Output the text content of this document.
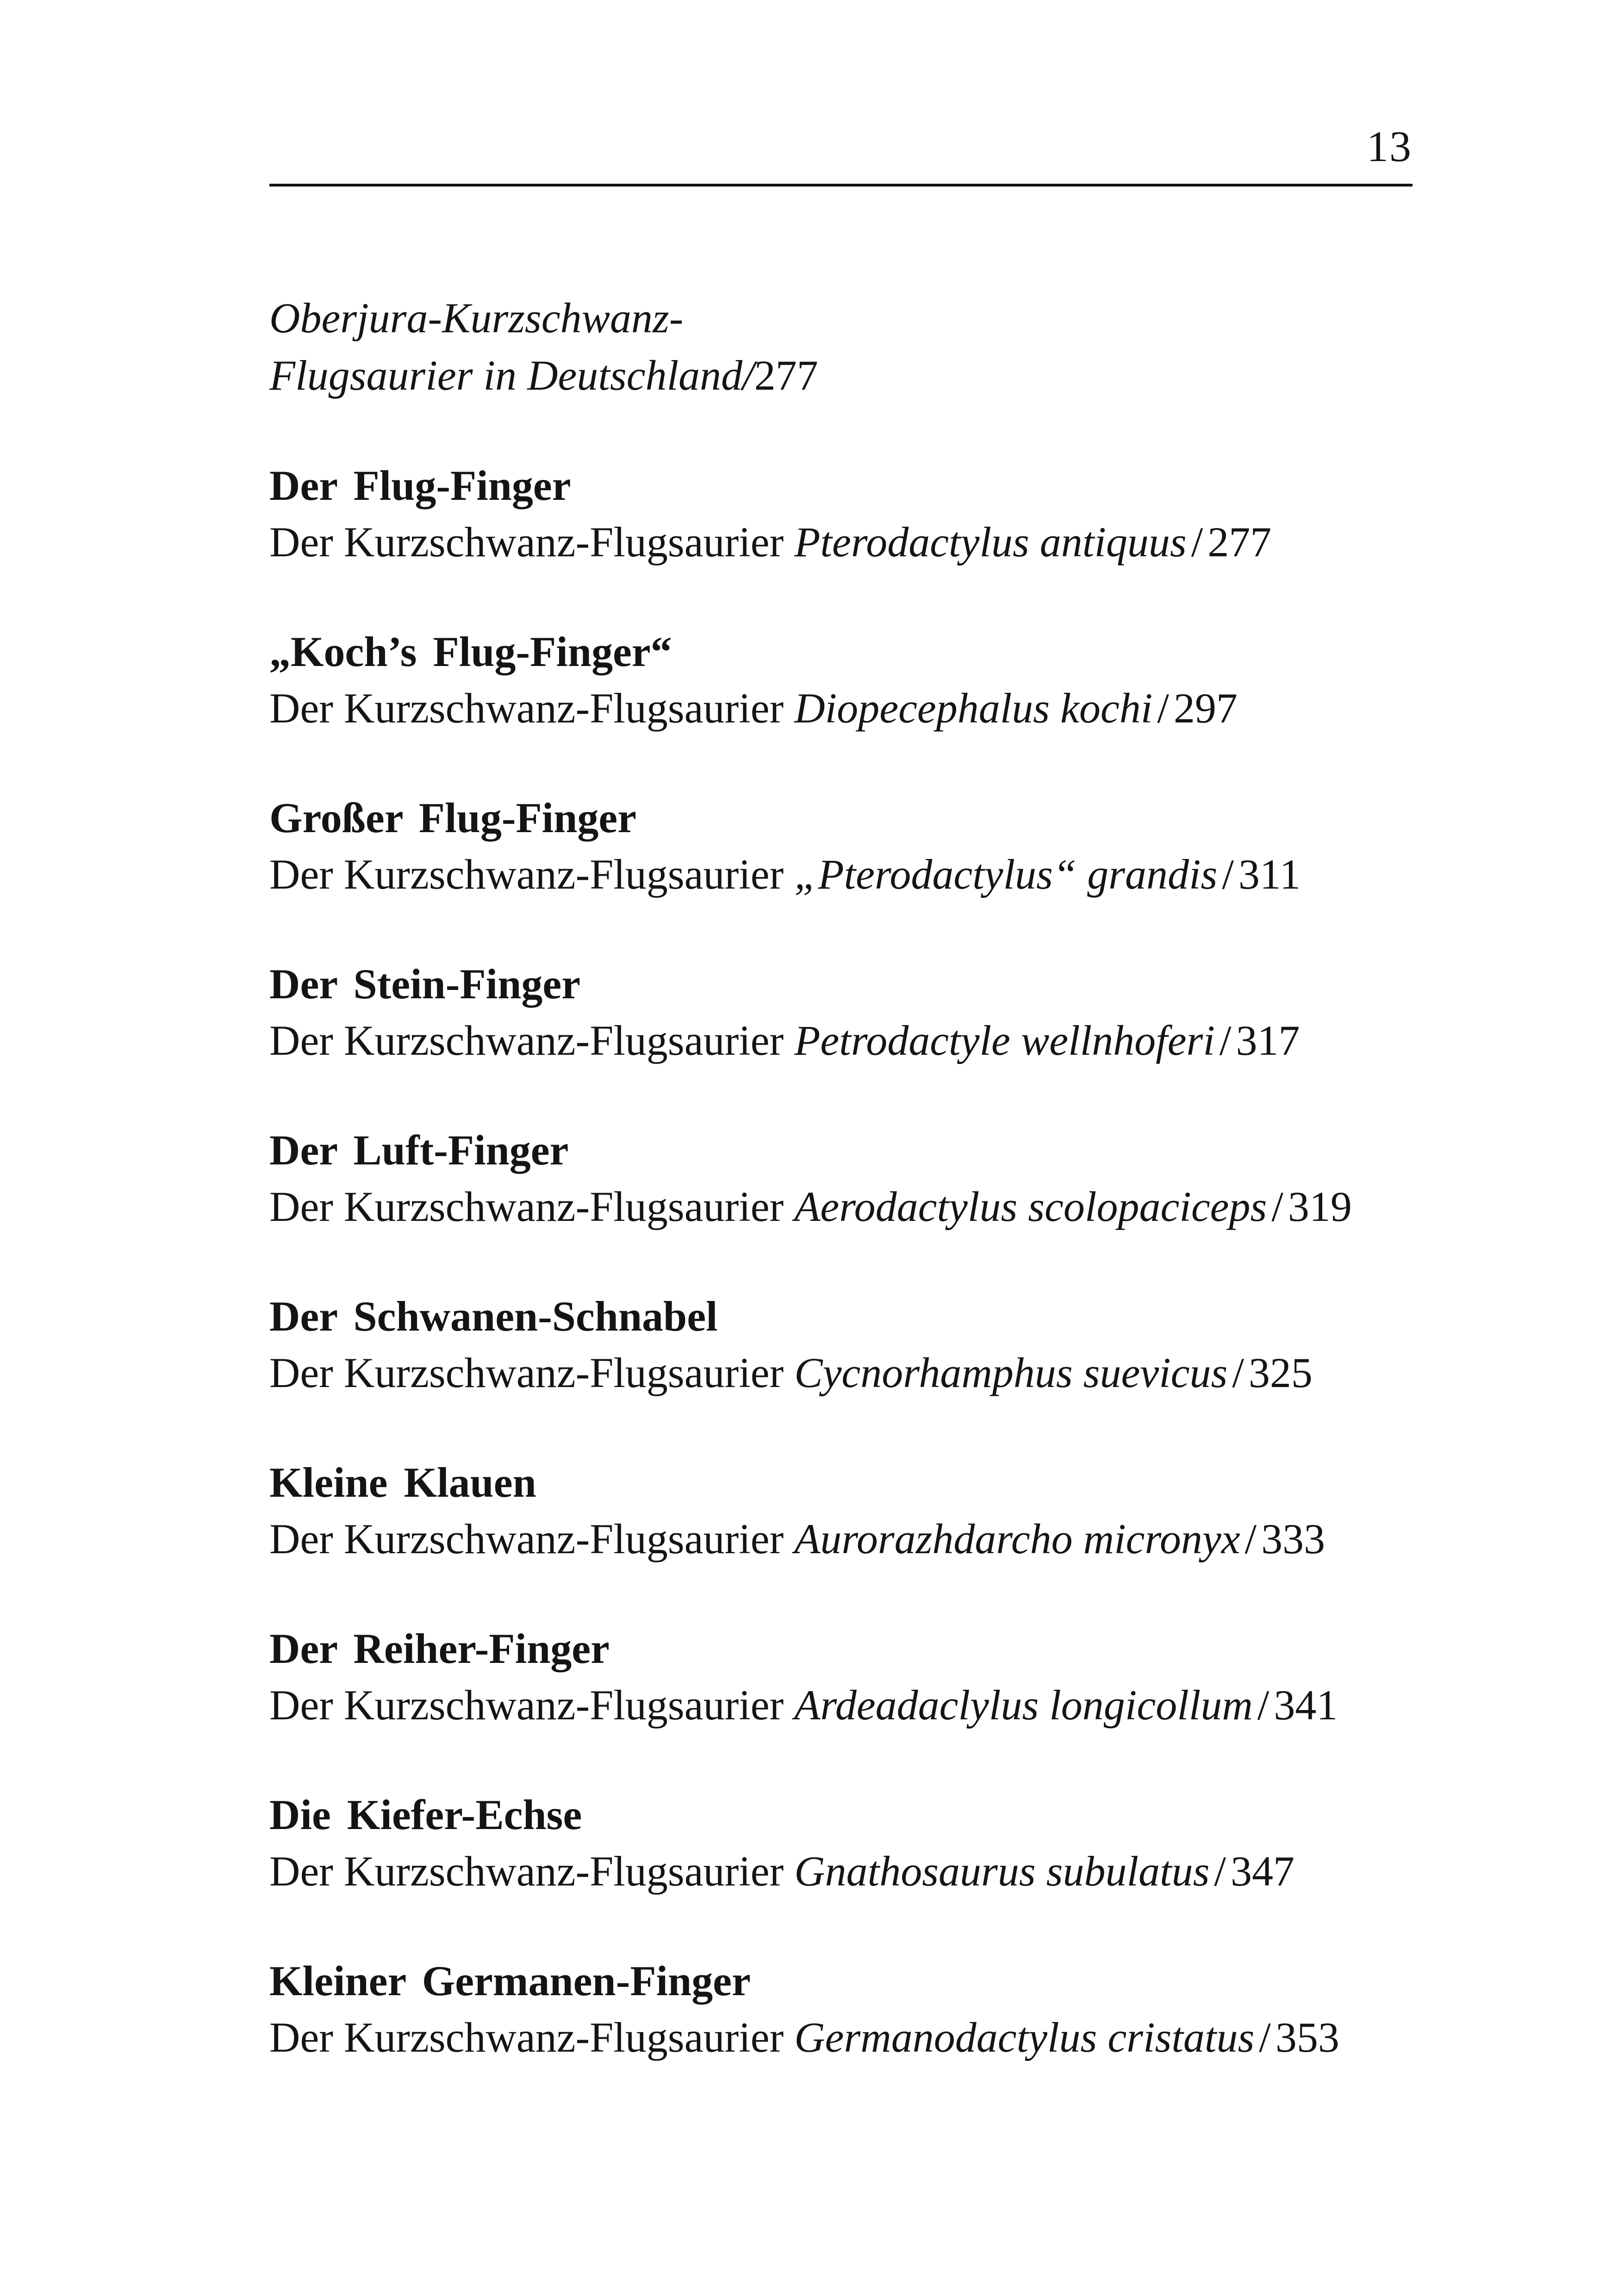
13
Oberjura-Kurzschwanz-
Flugsaurier in Deutschland/277
Der Flug-Finger
Der Kurzschwanz-Flugsaurier Pterodactylus antiquus / 277
„Koch’s Flug-Finger“
Der Kurzschwanz-Flugsaurier Diopecephalus kochi / 297
Großer Flug-Finger
Der Kurzschwanz-Flugsaurier „Pterodactylus“ grandis / 311
Der Stein-Finger
Der Kurzschwanz-Flugsaurier Petrodactyle wellnhoferi / 317
Der Luft-Finger
Der Kurzschwanz-Flugsaurier Aerodactylus scolopaciceps / 319
Der Schwanen-Schnabel
Der Kurzschwanz-Flugsaurier Cycnorhamphus suevicus / 325
Kleine Klauen
Der Kurzschwanz-Flugsaurier Aurorazhdarcho micronyx / 333
Der Reiher-Finger
Der Kurzschwanz-Flugsaurier Ardeadaclylus longicollum / 341
Die Kiefer-Echse
Der Kurzschwanz-Flugsaurier Gnathosaurus subulatus / 347
Kleiner Germanen-Finger
Der Kurzschwanz-Flugsaurier Germanodactylus cristatus / 353
